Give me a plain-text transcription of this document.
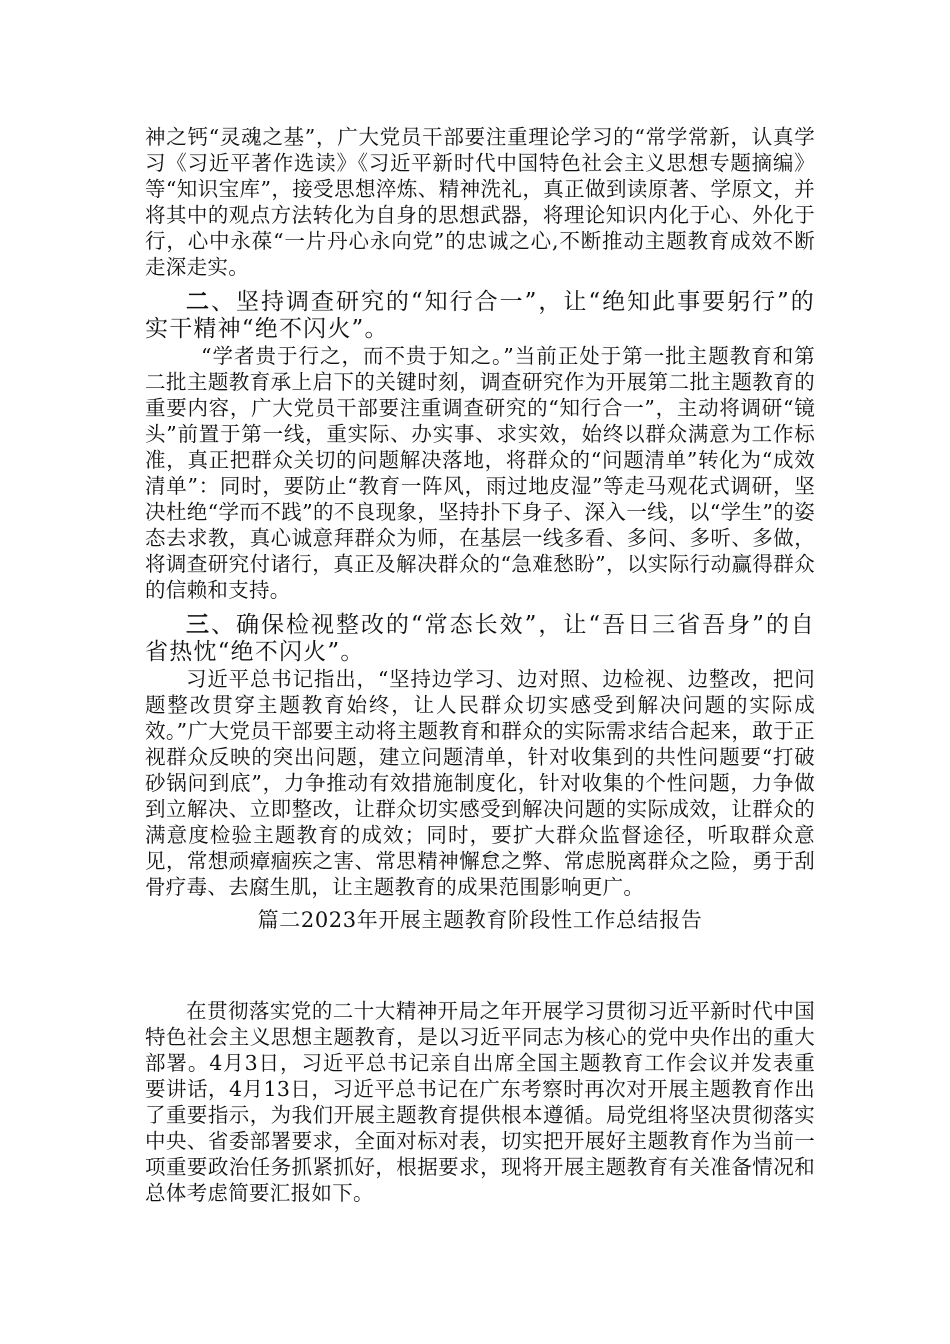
神之钙“灵魂之基”，广大党员干部要注重理论学习的“常学常新，认真学习《习近平著作选读》《习近平新时代中国特色社会主义思想专题摘编》等“知识宝库”，接受思想淬炼、精神洗礼，真正做到读原著、学原文，并将其中的观点方法转化为自身的思想武器，将理论知识内化于心、外化于行，心中永葆“一片丹心永向党”的忠诚之心,不断推动主题教育成效不断走深走实。

二、坚持调查研究的“知行合一”，让“绝知此事要躬行”的实干精神“绝不闪火”。

“学者贵于行之，而不贵于知之。”当前正处于第一批主题教育和第二批主题教育承上启下的关键时刻，调查研究作为开展第二批主题教育的重要内容，广大党员干部要注重调查研究的“知行合一”，主动将调研“镜头”前置于第一线，重实际、办实事、求实效，始终以群众满意为工作标准，真正把群众关切的问题解决落地，将群众的“问题清单”转化为“成效清单”：同时，要防止“教育一阵风，雨过地皮湿”等走马观花式调研，坚决杜绝“学而不践”的不良现象，坚持扑下身子、深入一线，以“学生”的姿态去求教，真心诚意拜群众为师，在基层一线多看、多问、多听、多做，将调查研究付诸行，真正及解决群众的“急难愁盼”，以实际行动赢得群众的信赖和支持。

三、确保检视整改的“常态长效”，让“吾日三省吾身”的自省热忱“绝不闪火”。

习近平总书记指出，“坚持边学习、边对照、边检视、边整改，把问题整改贯穿主题教育始终，让人民群众切实感受到解决问题的实际成效。”广大党员干部要主动将主题教育和群众的实际需求结合起来，敢于正视群众反映的突出问题，建立问题清单，针对收集到的共性问题要“打破砂锅问到底”，力争推动有效措施制度化，针对收集的个性问题，力争做到立解决、立即整改，让群众切实感受到解决问题的实际成效，让群众的满意度检验主题教育的成效；同时，要扩大群众监督途径，听取群众意见，常想顽瘴痼疾之害、常思精神懈怠之弊、常虑脱离群众之险，勇于刮骨疗毒、去腐生肌，让主题教育的成果范围影响更广。

篇二2023年开展主题教育阶段性工作总结报告

在贯彻落实党的二十大精神开局之年开展学习贯彻习近平新时代中国特色社会主义思想主题教育，是以习近平同志为核心的党中央作出的重大部署。4月3日，习近平总书记亲自出席全国主题教育工作会议并发表重要讲话，4月13日，习近平总书记在广东考察时再次对开展主题教育作出了重要指示，为我们开展主题教育提供根本遵循。局党组将坚决贯彻落实中央、省委部署要求，全面对标对表，切实把开展好主题教育作为当前一项重要政治任务抓紧抓好，根据要求，现将开展主题教育有关准备情况和总体考虑简要汇报如下。
